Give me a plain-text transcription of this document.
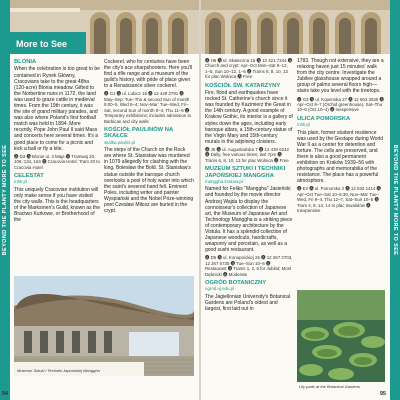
BEYOND THE PLANTY MORE TO SEE
More to See
BLONIA

When the celebration is too great to be contained in Rynek Główny, Cracovians take to the great 48ha (120-acre) Blonia meadow. Gifted to the Norbertine nuns in 1172, the land was used to graze cattle in medieval times. From the 19th century, it was the site of grand military parades, and was also where Poland's first football match was held in 1894. More recently, Pope John Paul II said Mass and concerts here several times. It's a good place to come for a picnic and kick a ball or fly a kite.

🅐 D3 🅐 Blonie ul. 3 Maja 🅢 Tramwaj 20, 106, 134, 164 🅑 Cracovia Hotel; Tram 20 to Cracovia Hotel
CELESTAT
mhk.pl

This uniquely Cracovian institution will only make sense if you have visited the city walls. This is the headquarters of the Marksmen's Guild, known as the Bractwo Kurkowe, or Brotherhood of the

Cockerel, who for centuries have been the city's ace sharpshooters. Here you'll find a rifle range and a museum of the guild's history, with pride of place given to a Renaissance silver cockerel.

🅐 G1 🅐 ul. Lubicz 16 🅐 12 429 3791 🅐 May–Sep: Tue–Thu & second Sun of month 9:00–5, Wed 9–4; Nov–Mar: Tue–Wed, Fri–Sat, second Sun of month 9–4, Thu 11–6 🅐 Temporary exhibitions; includes admission to Barbican and city walls
KOŚCIÓŁ PAULINÓW NA SKAŁCE
skalka.paulini.pl

The steps of the Church on the Rock are where St. Stanisław was murdered in 1079 allegedly for clashing with the king, Bolesław the Bold. St. Stanisław's statue outside the baroque church overlooks a pool of holy water into which the saint's severed hand fell. Eminent Poles, including writer and painter Wyspiański and the Nobel Prize-winning poet Czesław Miłosz are buried in the crypt.

Museum Sztuki i Techniki Japońskiej Manggha
94
BEYOND THE PLANTY MORE TO SEE
🅐 H6 🅐 ul. Skałeczna 15 🅐 12 421 7244 🅐 Church and crypt: Apr–Oct Mon–Sat 9–12, 1–5, Sun 10–12, 1–5 🅐 Trams 6, 8, 10, 13 for plac Wolnica 🅐 Free
KOŚCIÓŁ ŚW. KATARZYNY

Fire, flood and earthquakes have rocked St. Catherine's church since it was founded by Kazimierz the Great in the 14th century. A good example of Krakow Gothic, its interior is a gallery of styles down the ages, including early baroque altars, a 15th-century statue of the Virgin Mary and 15th-century murals in the adjoining cloisters.

🅐 J6 🅐 ul. Augustiańska 7 🅐 12 430 6242 🅐 Daily, free various times; last 7pm 🅐 Trams 6, 8, 10, 13 for plac Wolnica 🅐 Free
MUZEUM SZTUKI I TECHNIKI JAPOŃSKIEJ MANGGHA
manggha.krakow.pl

Named for Feliks "Manggha" Jasieński and founded by the movie director Andrzej Wajda to display the connoisseur's collection of Japanese art, the Museum of Japanese Art and Technology Manggha is a striking piece of contemporary architecture by the Vistula. It has a splendid collection of Japanese woodcuts, handicrafts, weaponry and porcelain, as well as a good sushi restaurant.

🅐 D6 🅐 ul. Konopnickiej 26 🅐 12 267 2703, 12 267 5735 🅐 Tue–Sun 10–6 🅐 Restaurant 🅐 Trams 1, 2, 6 for Jubilat; Most Dębnicki 🅐 Moderate
OGRÓD BOTANICZNY
ogrod.uj.edu.pl

The Jagiellonian University's Botanical Gardens are Poland's oldest and largest, first laid out in

1783. Though not extensive, they are a relaxing haven just 15 minutes' walk from the city centre. Investigate the Jubilee glasshouse wrapped around a group of palms several floors high—stairs take you level with the treetops.

🅐 G3 🅐 ul. Kopernika 27 🅐 12 663 3635 🅐 Apr–Oct 9–7 (Orchid greenhouse), Sat–Thu 10–6 (Oct 10–4) 🅐 Inexpensive
ULICA POMORSKA
mhk.pl

This plain, former student residence was used by the Gestapo during World War II as a center for detention and torture. The cells are preserved, and there is also a good permanent exhibition on Kraków 1939–56 with photographs and memorabilia of the resistance. The place has a powerful atmosphere.

🅐 E2 🅐 ul. Pomorska 2 🅐 12 633 1414 🅐 Apr–Oct Tue–Sat 10–5:30, Nov–Mar Tue–Wed, Fri 9–4, Thu 12–7, Sat–Sun 10–5 🅐 Tram 4, 8, 13, 14 to plac Inwalidów 🅐 Inexpensive
Lily pads at the Botanical Gardens
95
